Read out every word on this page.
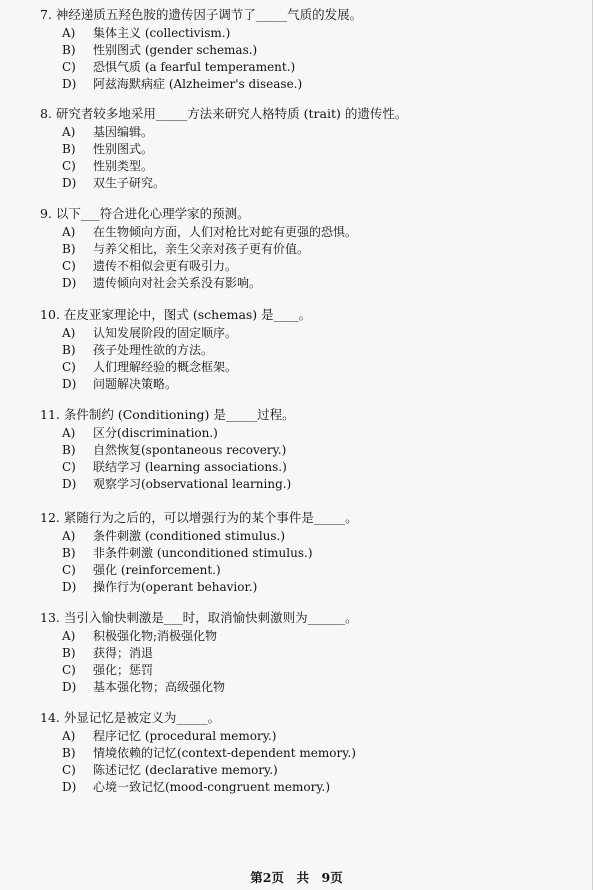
7. 神经递质五羟色胺的遗传因子调节了_____气质的发展。
A) 集体主义 (collectivism.)
B) 性别图式 (gender schemas.)
C) 恐惧气质 (a fearful temperament.)
D) 阿兹海默病症 (Alzheimer's disease.)
8. 研究者较多地采用_____方法来研究人格特质 (trait) 的遗传性。
A) 基因编辑。
B) 性别图式。
C) 性别类型。
D) 双生子研究。
9. 以下___符合进化心理学家的预测。
A) 在生物倾向方面，人们对枪比对蛇有更强的恐惧。
B) 与养父相比，亲生父亲对孩子更有价值。
C) 遗传不相似会更有吸引力。
D) 遗传倾向对社会关系没有影响。
10. 在皮亚家理论中，图式 (schemas) 是____。
A) 认知发展阶段的固定顺序。
B) 孩子处理性欲的方法。
C) 人们理解经验的概念框架。
D) 问题解决策略。
11. 条件制约 (Conditioning) 是_____过程。
A) 区分(discrimination.)
B) 自然恢复(spontaneous recovery.)
C) 联结学习 (learning associations.)
D) 观察学习(observational learning.)
12. 紧随行为之后的，可以增强行为的某个事件是_____。
A) 条件刺激 (conditioned stimulus.)
B) 非条件刺激 (unconditioned stimulus.)
C) 强化 (reinforcement.)
D) 操作行为(operant behavior.)
13. 当引入愉快刺激是___时，取消愉快刺激则为______。
A) 积极强化物;消极强化物
B) 获得；消退
C) 强化；惩罚
D) 基本强化物；高级强化物
14. 外显记忆是被定义为_____。
A) 程序记忆 (procedural memory.)
B) 情境依赖的记忆(context-dependent memory.)
C) 陈述记忆 (declarative memory.)
D) 心境一致记忆(mood-congruent memory.)
第2页　共　9页
